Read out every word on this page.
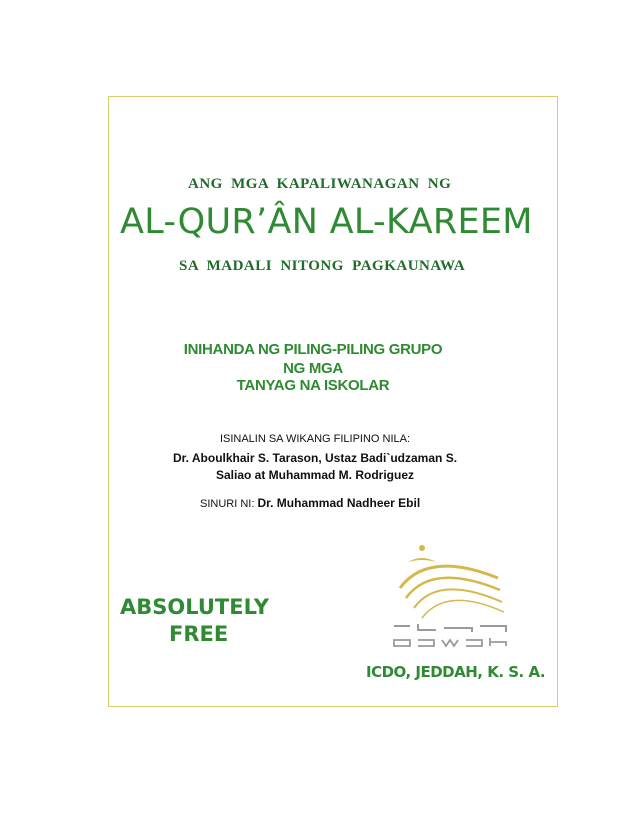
ANG MGA KAPALIWANAGAN NG
AL-QUR’ÂN AL-KAREEM
SA MADALI NITONG PAGKAUNAWA
INIHANDA NG PILING-PILING GRUPO
NG MGA
TANYAG NA ISKOLAR
ISINALIN SA WIKANG FILIPINO NILA:
Dr. Aboulkhair S. Tarason, Ustaz Badi`udzaman S.
Saliao at Muhammad M. Rodriguez
SINURI NI: Dr. Muhammad Nadheer Ebil
ABSOLUTELY
FREE
ICDO, JEDDAH, K. S. A.
